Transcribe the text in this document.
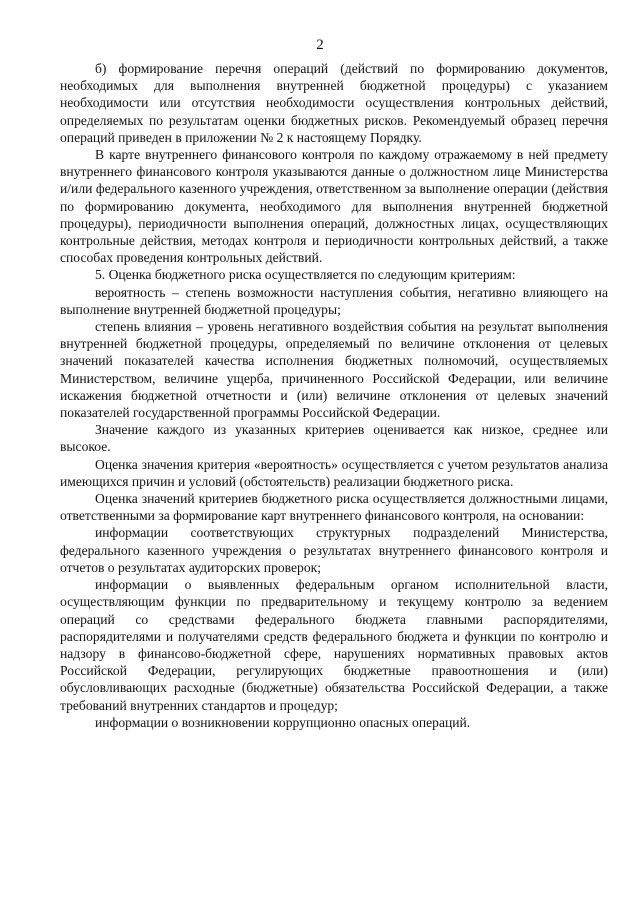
2

б) формирование перечня операций (действий по формированию документов, необходимых для выполнения внутренней бюджетной процедуры) с указанием необходимости или отсутствия необходимости осуществления контрольных действий, определяемых по результатам оценки бюджетных рисков. Рекомендуемый образец перечня операций приведен в приложении № 2 к настоящему Порядку.

В карте внутреннего финансового контроля по каждому отражаемому в ней предмету внутреннего финансового контроля указываются данные о должностном лице Министерства и/или федерального казенного учреждения, ответственном за выполнение операции (действия по формированию документа, необходимого для выполнения внутренней бюджетной процедуры), периодичности выполнения операций, должностных лицах, осуществляющих контрольные действия, методах контроля и периодичности контрольных действий, а также способах проведения контрольных действий.

5. Оценка бюджетного риска осуществляется по следующим критериям:

вероятность – степень возможности наступления события, негативно влияющего на выполнение внутренней бюджетной процедуры;

степень влияния – уровень негативного воздействия события на результат выполнения внутренней бюджетной процедуры, определяемый по величине отклонения от целевых значений показателей качества исполнения бюджетных полномочий, осуществляемых Министерством, величине ущерба, причиненного Российской Федерации, или величине искажения бюджетной отчетности и (или) величине отклонения от целевых значений показателей государственной программы Российской Федерации.

Значение каждого из указанных критериев оценивается как низкое, среднее или высокое.

Оценка значения критерия «вероятность» осуществляется с учетом результатов анализа имеющихся причин и условий (обстоятельств) реализации бюджетного риска.

Оценка значений критериев бюджетного риска осуществляется должностными лицами, ответственными за формирование карт внутреннего финансового контроля, на основании:

информации соответствующих структурных подразделений Министерства, федерального казенного учреждения о результатах внутреннего финансового контроля и отчетов о результатах аудиторских проверок;

информации о выявленных федеральным органом исполнительной власти, осуществляющим функции по предварительному и текущему контролю за ведением операций со средствами федерального бюджета главными распорядителями, распорядителями и получателями средств федерального бюджета и функции по контролю и надзору в финансово-бюджетной сфере, нарушениях нормативных правовых актов Российской Федерации, регулирующих бюджетные правоотношения и (или) обусловливающих расходные (бюджетные) обязательства Российской Федерации, а также требований внутренних стандартов и процедур;

информации о возникновении коррупционно опасных операций.
